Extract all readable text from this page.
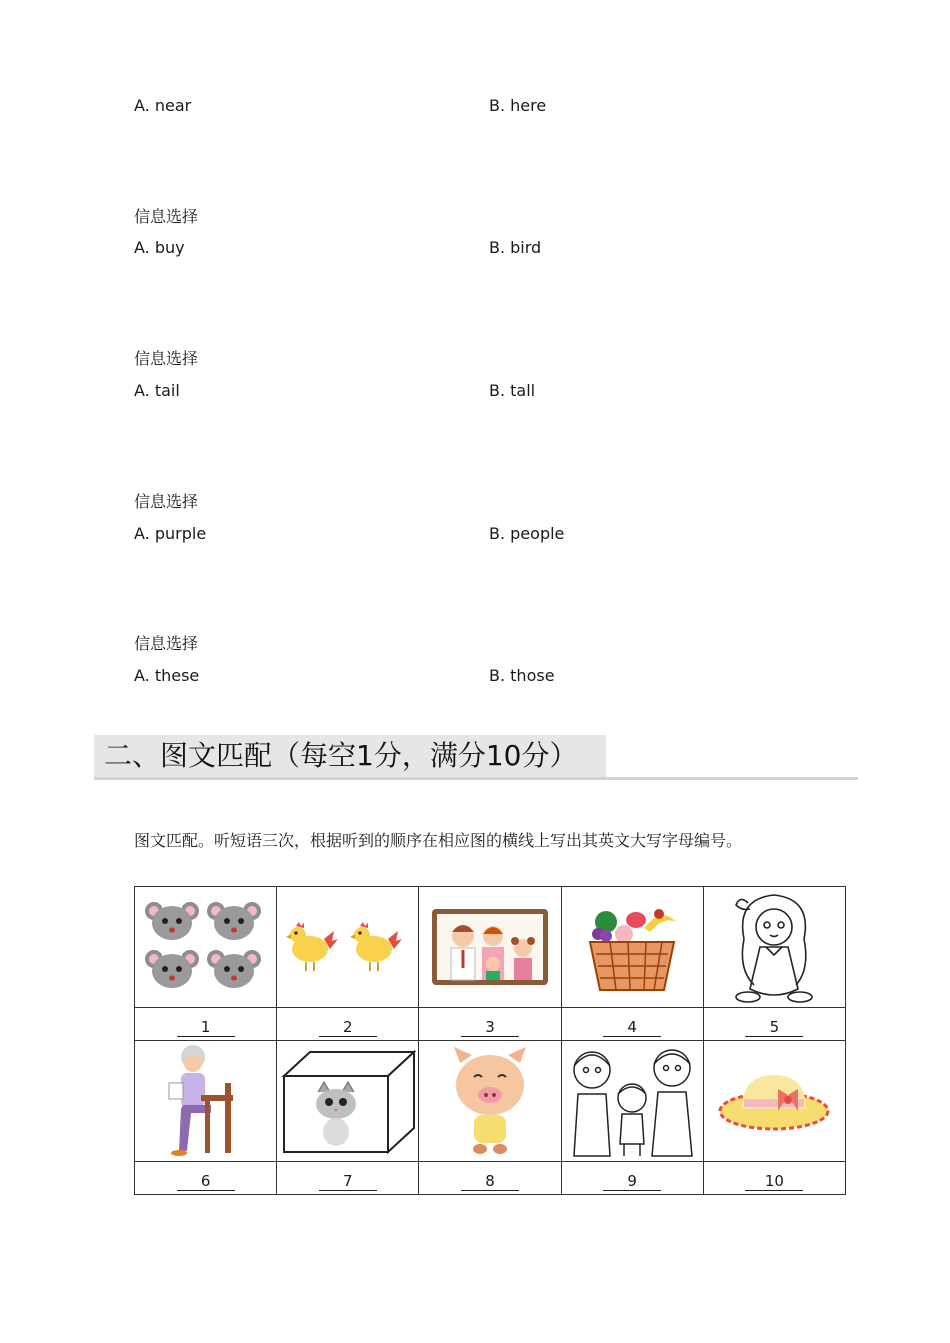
A. near	B. here
信息选择
A. buy	B. bird
信息选择
A. tail	B. tall
信息选择
A. purple	B. people
信息选择
A. these	B. those
二、图文匹配（每空1分，满分10分）
图文匹配。听短语三次，根据听到的顺序在相应图的横线上写出其英文大写字母编号。

1	2	3	4	5

6	7	8	9	10
